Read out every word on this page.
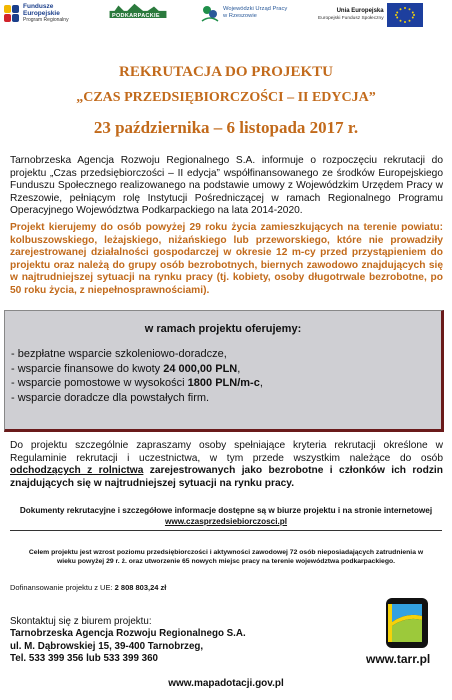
Fundusze
Europejskie
Program Regionalny
PODKARPACKIE
Wojewódzki Urząd Pracy
w Rzeszowie
Unia Europejska
Europejski Fundusz Społeczny
REKRUTACJA DO PROJEKTU
„CZAS PRZEDSIĘBIORCZOŚCI – II EDYCJA”
23 października – 6 listopada 2017 r.
Tarnobrzeska Agencja Rozwoju Regionalnego S.A. informuje o rozpoczęciu rekrutacji do projektu „Czas przedsiębiorczości – II edycja” współfinansowanego ze środków Europejskiego Funduszu Społecznego realizowanego na podstawie umowy z Wojewódzkim Urzędem Pracy w Rzeszowie, pełniącym rolę Instytucji Pośredniczącej w ramach Regionalnego Programu Operacyjnego Województwa Podkarpackiego na lata 2014-2020.
Projekt kierujemy do osób powyżej 29 roku życia zamieszkujących na terenie powiatu: kolbuszowskiego, leżajskiego, niżańskiego lub przeworskiego, które nie prowadziły zarejestrowanej działalności gospodarczej w okresie 12 m-cy przed przystąpieniem do projektu oraz należą do grupy osób bezrobotnych, biernych zawodowo znajdujących się w najtrudniejszej sytuacji na rynku pracy (tj. kobiety, osoby długotrwale bezrobotne, po 50 roku życia, z niepełnosprawnościami).
w ramach projektu oferujemy:
- bezpłatne wsparcie szkoleniowo-doradcze,
- wsparcie finansowe do kwoty 24 000,00 PLN,
- wsparcie pomostowe w wysokości 1800 PLN/m-c,
- wsparcie doradcze dla powstałych firm.
Do projektu szczególnie zapraszamy osoby spełniające kryteria rekrutacji określone w Regulaminie rekrutacji i uczestnictwa, w tym przede wszystkim należące do osób odchodzących z rolnictwa zarejestrowanych jako bezrobotne i członków ich rodzin znajdujących się w najtrudniejszej sytuacji na rynku pracy.
Dokumenty rekrutacyjne i szczegółowe informacje dostępne są w biurze projektu i na stronie internetowej
www.czasprzedsiebiorczosci.pl
Celem projektu jest wzrost poziomu przedsiębiorczości i aktywności zawodowej 72 osób nieposiadających zatrudnienia w wieku powyżej 29 r. ż. oraz utworzenie 65 nowych miejsc pracy na terenie województwa podkarpackiego.
Dofinansowanie projektu z UE: 2 808 803,24 zł
Skontaktuj się z biurem projektu:
Tarnobrzeska Agencja Rozwoju Regionalnego S.A.
ul. M. Dąbrowskiej 15, 39-400 Tarnobrzeg,
Tel. 533 399 356 lub 533 399 360	www.tarr.pl
www.mapadotacji.gov.pl
